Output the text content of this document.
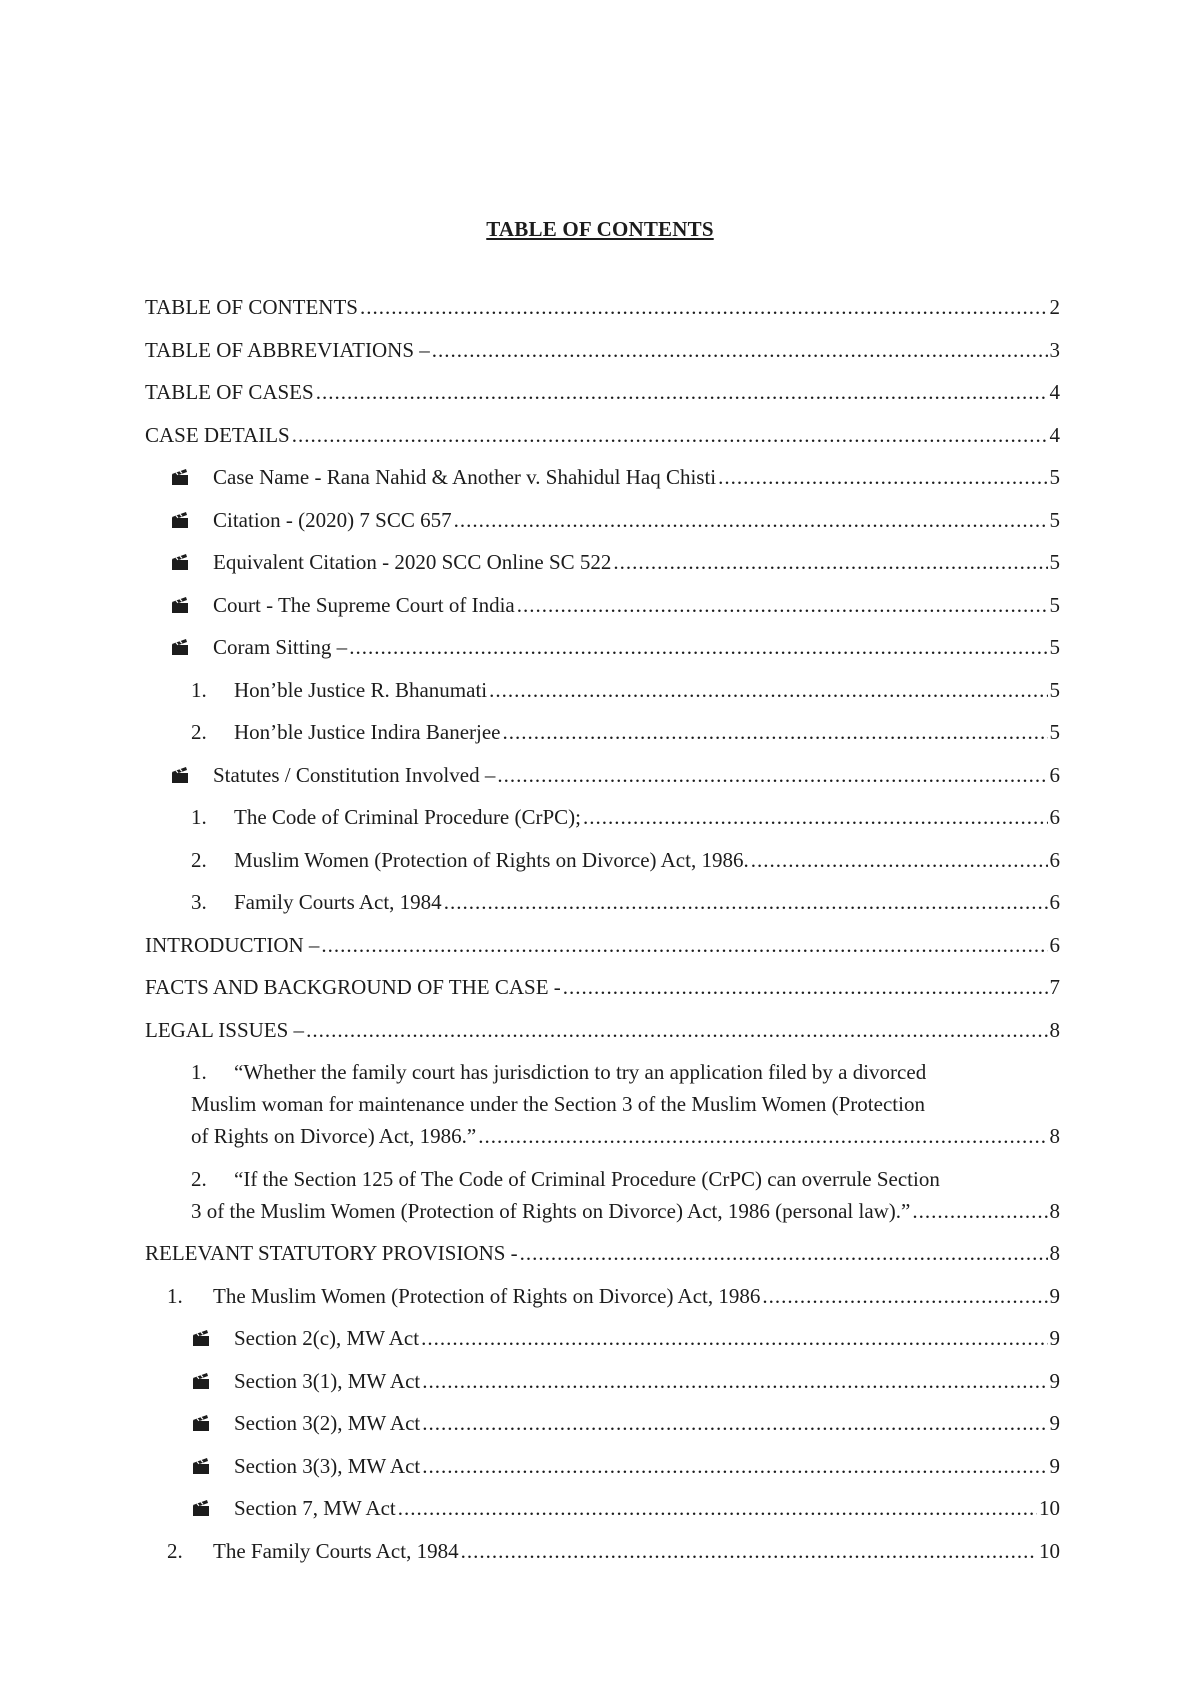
TABLE OF CONTENTS
TABLE OF CONTENTS .....	2
TABLE OF ABBREVIATIONS – .....	3
TABLE OF CASES .....	4
CASE DETAILS .....	4
Case Name - Rana Nahid & Another v. Shahidul Haq Chisti .....	5
Citation - (2020) 7 SCC 657 .....	5
Equivalent Citation - 2020 SCC Online SC 522 .....	5
Court - The Supreme Court of India .....	5
Coram Sitting – .....	5
1.	Hon’ble Justice R. Bhanumati .....	5
2.	Hon’ble Justice Indira Banerjee .....	5
Statutes / Constitution Involved – .....	6
1.	The Code of Criminal Procedure (CrPC); .....	6
2.	Muslim Women (Protection of Rights on Divorce) Act, 1986. .....	6
3.	Family Courts Act, 1984 .....	6
INTRODUCTION – .....	6
FACTS AND BACKGROUND OF THE CASE - .....	7
LEGAL ISSUES – .....	8
1. “Whether the family court has jurisdiction to try an application filed by a divorced
Muslim woman for maintenance under the Section 3 of the Muslim Women (Protection
of Rights on Divorce) Act, 1986.” .....	8
2. “If the Section 125 of The Code of Criminal Procedure (CrPC) can overrule Section
3 of the Muslim Women (Protection of Rights on Divorce) Act, 1986 (personal law).” .....	8
RELEVANT STATUTORY PROVISIONS - .....	8
1.	The Muslim Women (Protection of Rights on Divorce) Act, 1986 .....	9
Section 2(c), MW Act .....	9
Section 3(1), MW Act .....	9
Section 3(2), MW Act .....	9
Section 3(3), MW Act .....	9
Section 7, MW Act .....	10
2.	The Family Courts Act, 1984 .....	10
